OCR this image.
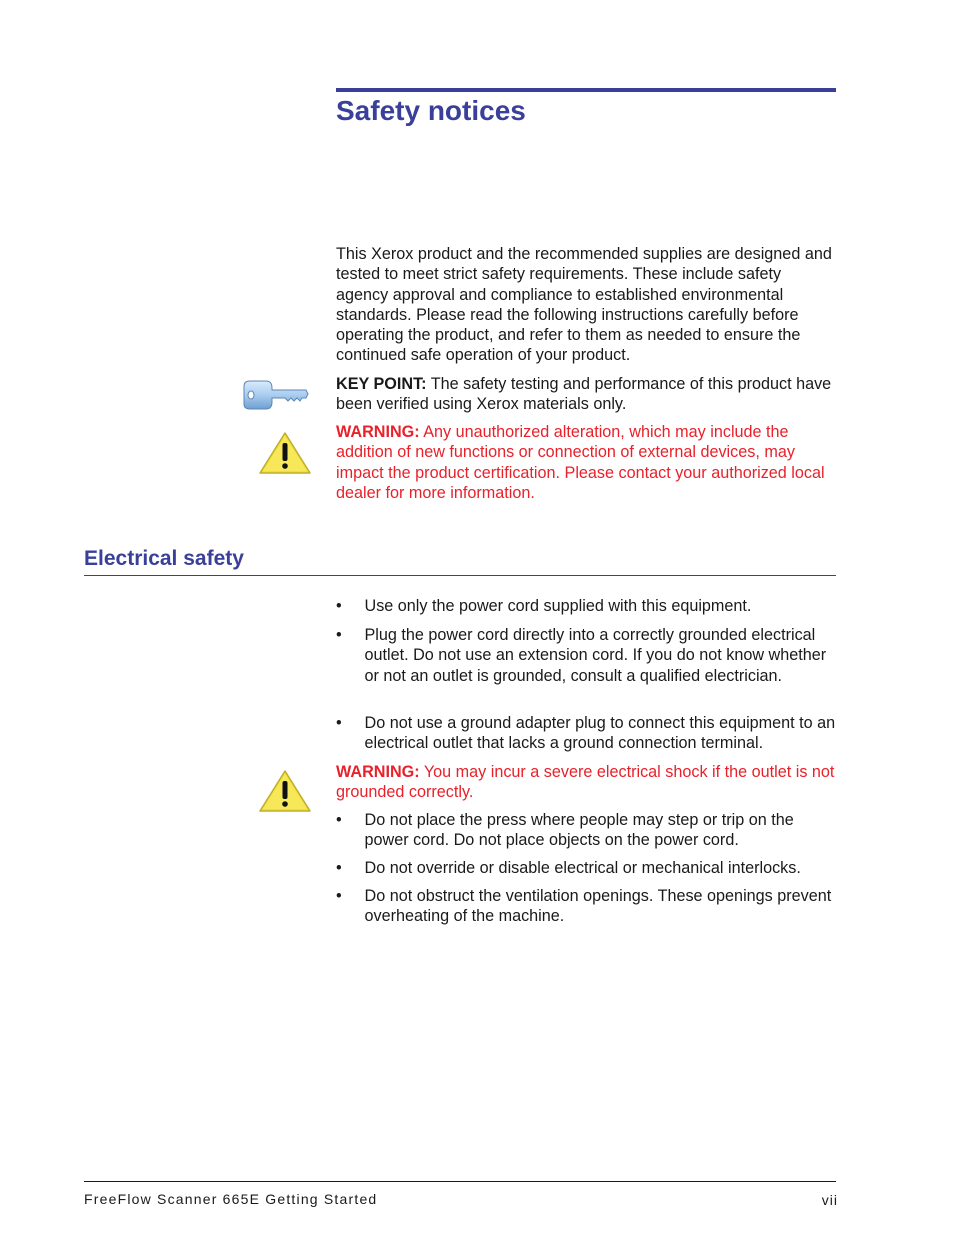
Safety notices

This Xerox product and the recommended supplies are designed and tested to meet strict safety requirements. These include safety agency approval and compliance to established environmental standards. Please read the following instructions carefully before operating the product, and refer to them as needed to ensure the continued safe operation of your product.

KEY POINT: The safety testing and performance of this product have been verified using Xerox materials only.

WARNING: Any unauthorized alteration, which may include the addition of new functions or connection of external devices, may impact the product certification. Please contact your authorized local dealer for more information.

Electrical safety
• Use only the power cord supplied with this equipment.
• Plug the power cord directly into a correctly grounded electrical outlet. Do not use an extension cord. If you do not know whether or not an outlet is grounded, consult a qualified electrician.
• Do not use a ground adapter plug to connect this equipment to an electrical outlet that lacks a ground connection terminal.

WARNING: You may incur a severe electrical shock if the outlet is not grounded correctly.

• Do not place the press where people may step or trip on the power cord. Do not place objects on the power cord.
• Do not override or disable electrical or mechanical interlocks.
• Do not obstruct the ventilation openings. These openings prevent overheating of the machine.
FreeFlow Scanner 665E Getting Started	vii
